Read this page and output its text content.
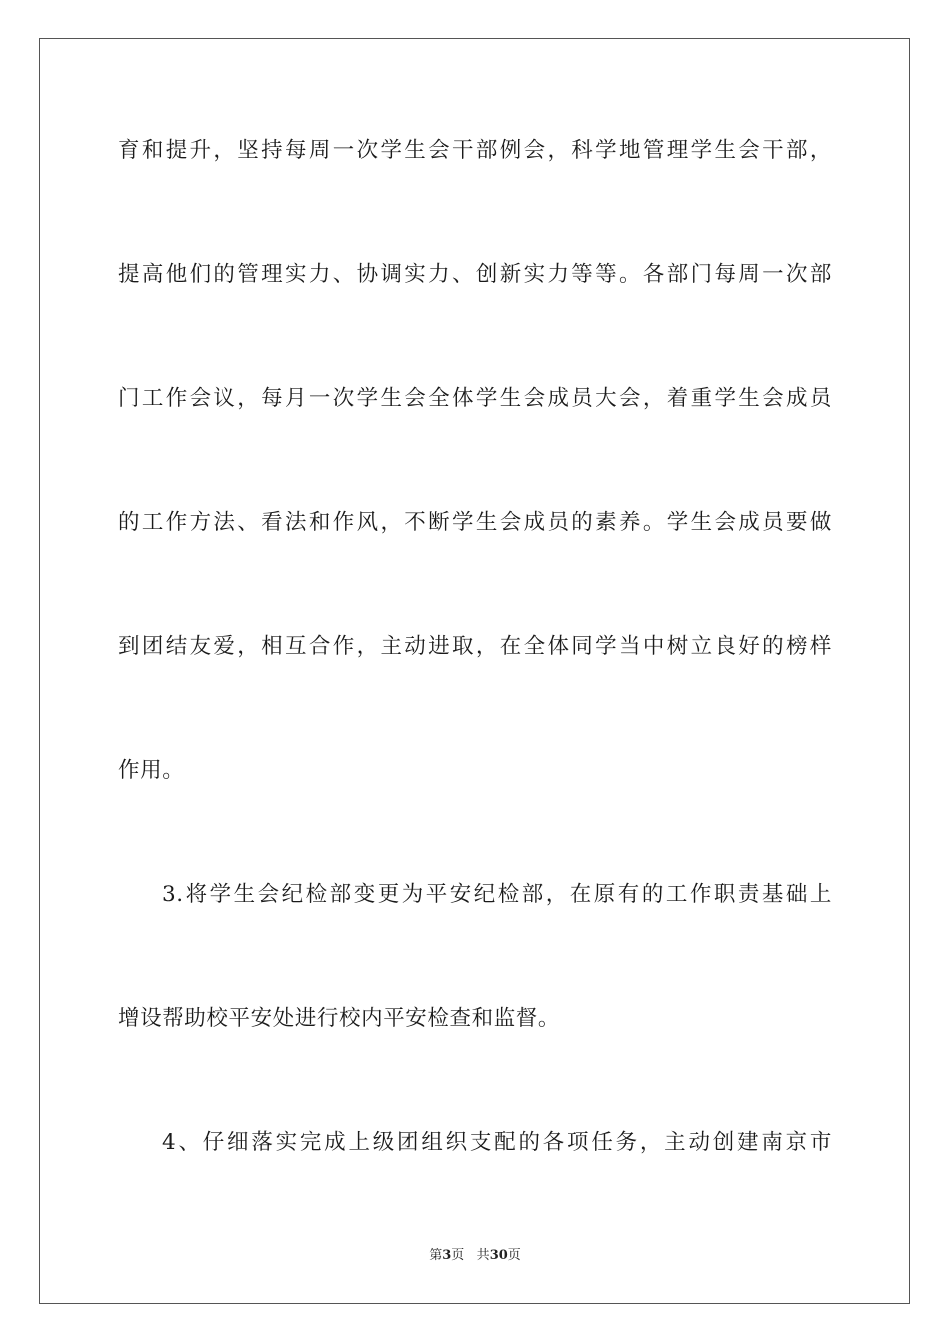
育和提升，坚持每周一次学生会干部例会，科学地管理学生会干部，
提高他们的管理实力、协调实力、创新实力等等。各部门每周一次部
门工作会议，每月一次学生会全体学生会成员大会，着重学生会成员
的工作方法、看法和作风，不断学生会成员的素养。学生会成员要做
到团结友爱，相互合作，主动进取，在全体同学当中树立良好的榜样
作用。
3.将学生会纪检部变更为平安纪检部，在原有的工作职责基础上
增设帮助校平安处进行校内平安检查和监督。
4、仔细落实完成上级团组织支配的各项任务，主动创建南京市
第3页 共30页
